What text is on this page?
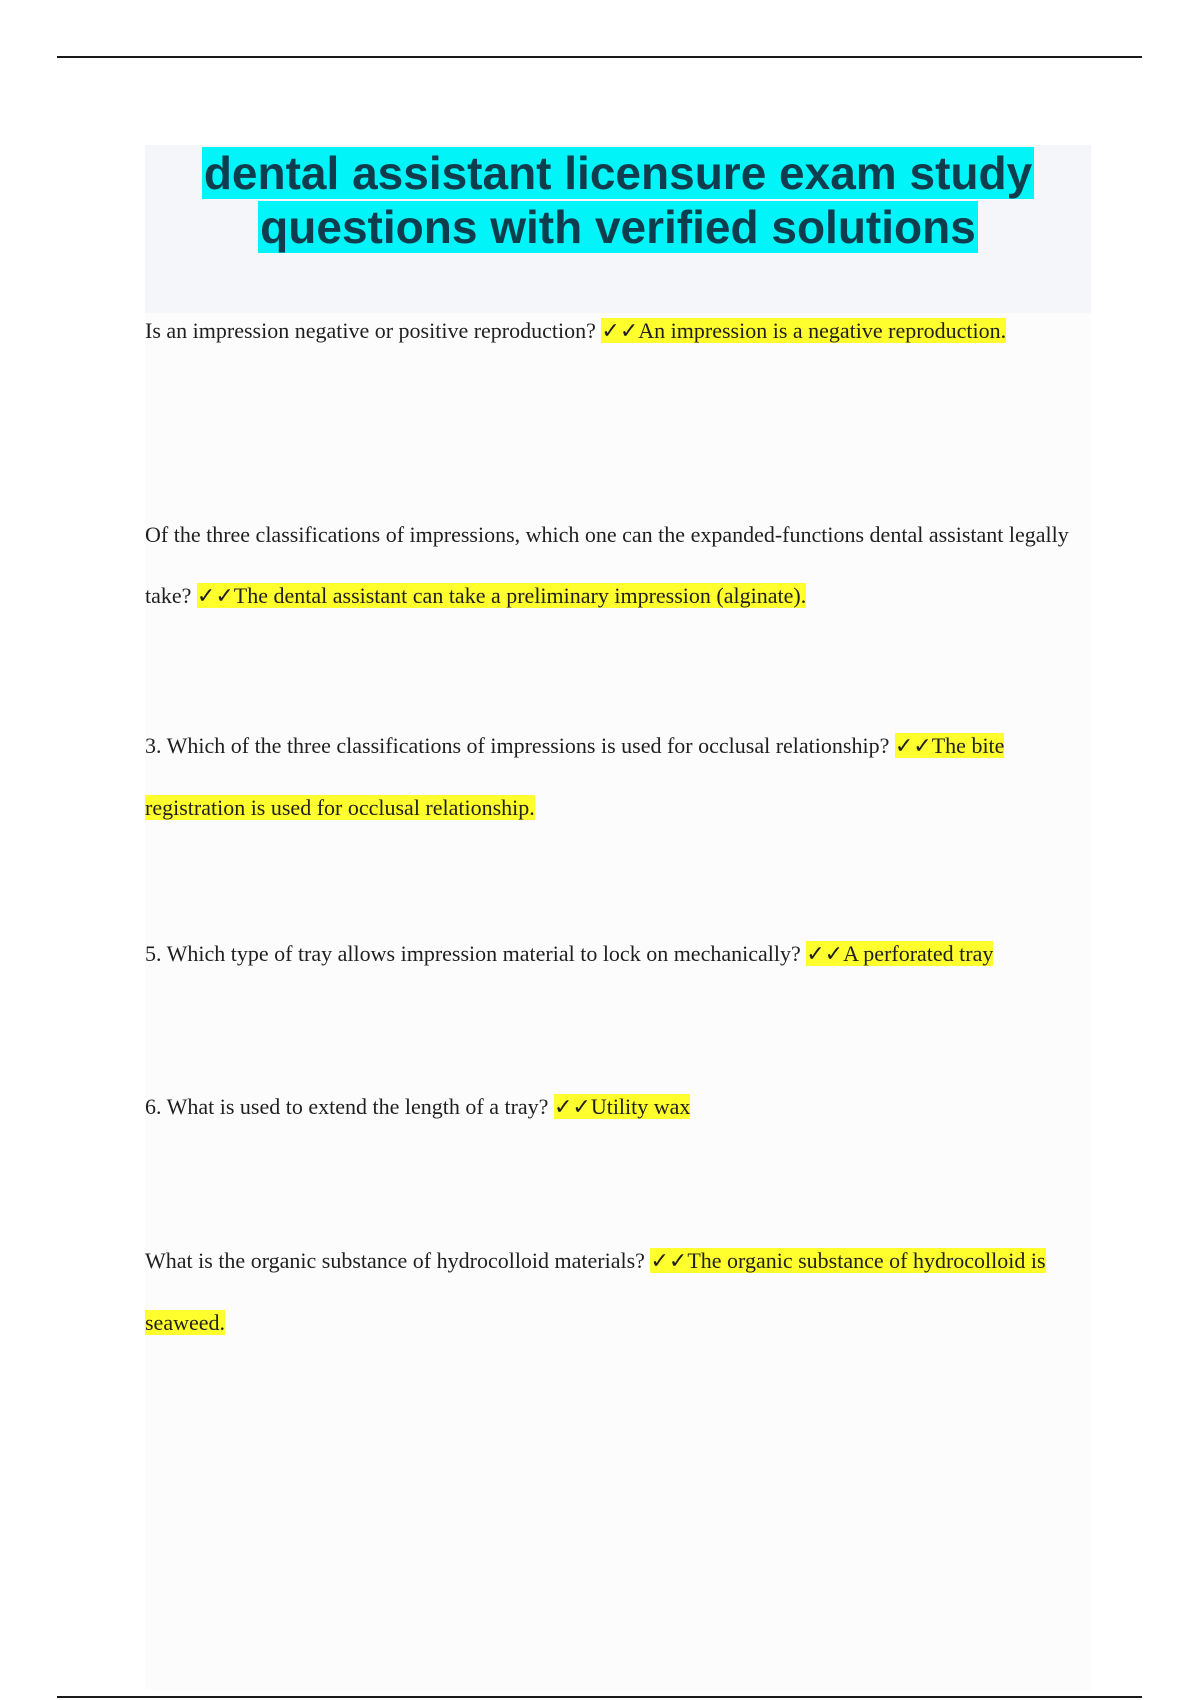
dental assistant licensure exam study
questions with verified solutions

Is an impression negative or positive reproduction? ✓✓An impression is a negative reproduction.

Of the three classifications of impressions, which one can the expanded-functions dental assistant legally take? ✓✓The dental assistant can take a preliminary impression (alginate).

3. Which of the three classifications of impressions is used for occlusal relationship? ✓✓The bite registration is used for occlusal relationship.

5. Which type of tray allows impression material to lock on mechanically? ✓✓A perforated tray

6. What is used to extend the length of a tray? ✓✓Utility wax

What is the organic substance of hydrocolloid materials? ✓✓The organic substance of hydrocolloid is seaweed.
